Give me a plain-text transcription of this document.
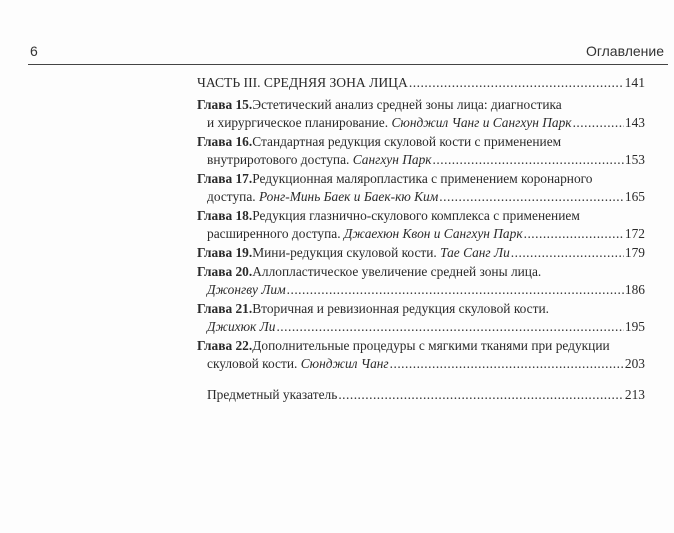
6	Оглавление
ЧАСТЬ III. СРЕДНЯЯ ЗОНА ЛИЦА .....	141
Глава 15. Эстетический анализ средней зоны лица: диагностика
и хирургическое планирование.
Сюнджил Чанг и Сангхун Парк .....	143
Глава 16. Стандартная редукция скуловой кости с применением
внутриротового доступа.
Сангхун Парк .....	153
Глава 17. Редукционная маляропластика с применением коронарного
доступа.
Ронг-Минь Баек и Баек-кю Ким .....	165
Глава 18. Редукция глазнично-скулового комплекса с применением
расширенного доступа.
Джаехюн Квон и Сангхун Парк .....	172
Глава 19. Мини-редукция скуловой кости.
Тае Санг Ли .....	179
Глава 20. Аллопластическое увеличение средней зоны лица.
Джонгву Лим .....	186
Глава 21. Вторичная и ревизионная редукция скуловой кости.
Джихюк Ли .....	195
Глава 22. Дополнительные процедуры с мягкими тканями при редукции
скуловой кости.
Сюнджил Чанг .....	203
Предметный указатель .....	213
